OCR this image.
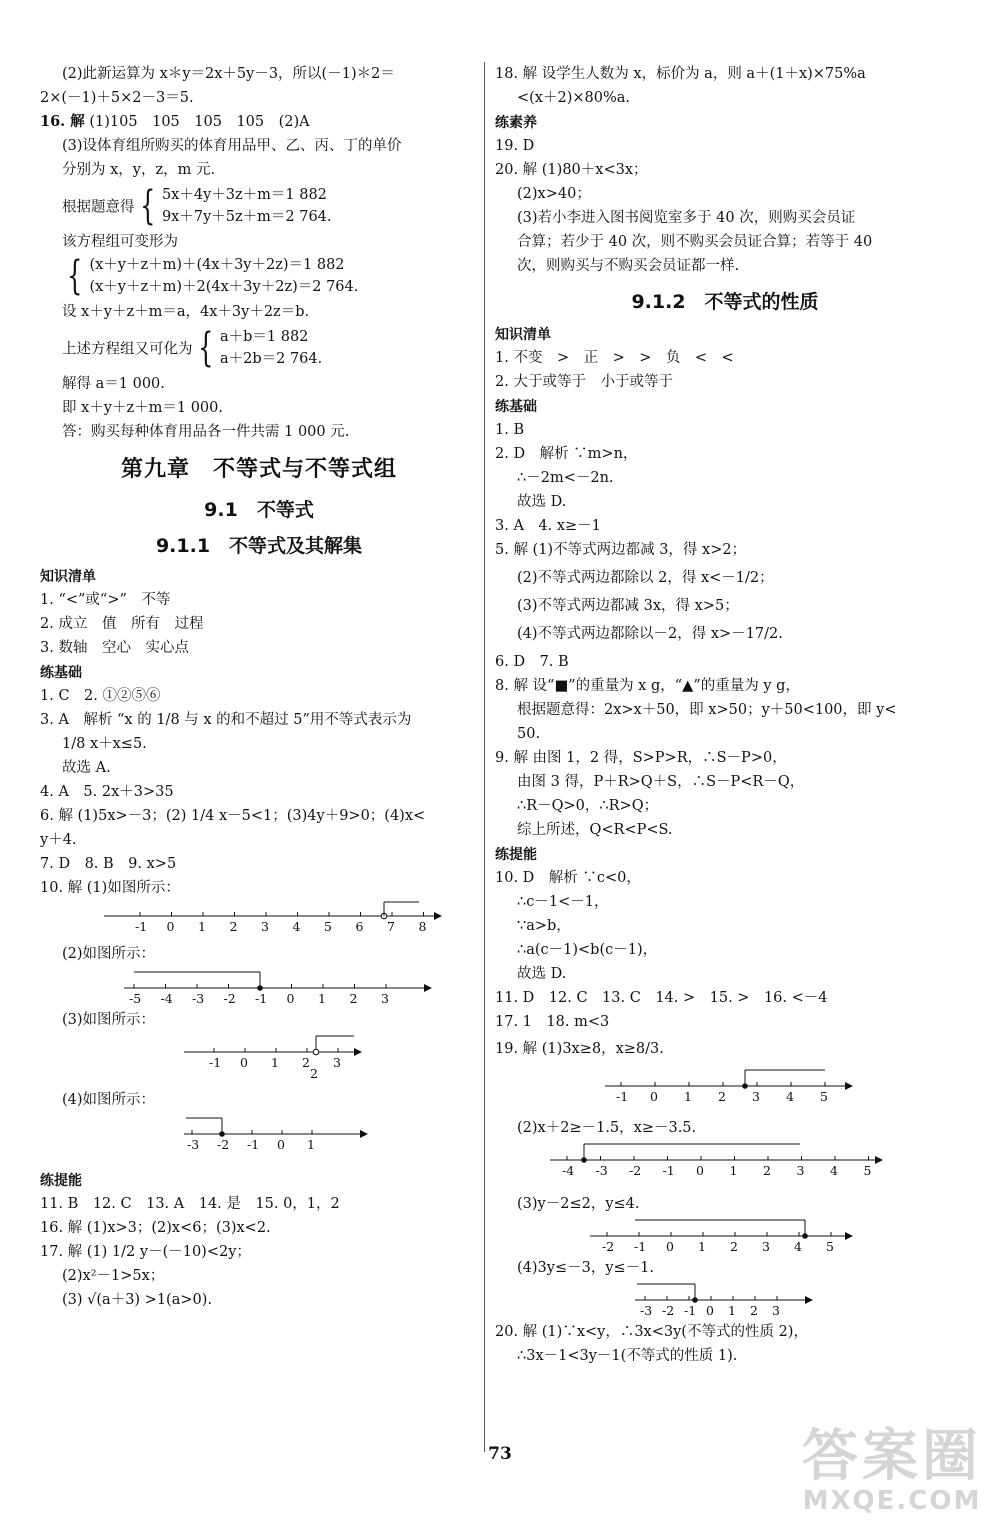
(2)此新运算为 x＊y＝2x＋5y－3，所以(－1)＊2＝
2×(－1)＋5×2－3＝5.
16. 解 (1)105　105　105　105　(2)A
(3)设体育组所购买的体育用品甲、乙、丙、丁的单价
分别为 x，y，z，m 元.
根据题意得 { 5x＋4y＋3z＋m＝1 882
9x＋7y＋5z＋m＝2 764.
该方程组可变形为
{ (x＋y＋z＋m)＋(4x＋3y＋2z)＝1 882
(x＋y＋z＋m)＋2(4x＋3y＋2z)＝2 764.
设 x＋y＋z＋m＝a，4x＋3y＋2z＝b.
上述方程组又可化为 { a＋b＝1 882
a＋2b＝2 764.
解得 a＝1 000.
即 x＋y＋z＋m＝1 000.
答：购买每种体育用品各一件共需 1 000 元.
第九章　不等式与不等式组
9.1　不等式
9.1.1　不等式及其解集
知识清单
1. “<”或“>”　不等
2. 成立　值　所有　过程
3. 数轴　空心　实心点
练基础
1. C　2. ①②⑤⑥
3. A　解析 “x 的 1/8 与 x 的和不超过 5”用不等式表示为
1/8 x＋x≤5.
故选 A.
4. A　5. 2x＋3>35
6. 解 (1)5x>－3；(2) 1/4 x－5<1；(3)4y＋9>0；(4)x<
y＋4.
7. D　8. B　9. x>5
10. 解 (1)如图所示：
-1 0 1 2 3 4 5 6 7 8
(2)如图所示：
-5 -4 -3 -2 -1 0 1 2 3
(3)如图所示：
-1 0 1 2 3
2
(4)如图所示：
-3 -2 -1 0 1
练提能
11. B　12. C　13. A　14. 是　15. 0，1，2
16. 解 (1)x>3；(2)x<6；(3)x<2.
17. 解 (1) 1/2 y－(－10)<2y；
(2)x²－1>5x；
(3) √(a＋3) >1(a>0).
18. 解 设学生人数为 x，标价为 a，则 a＋(1＋x)×75%a
<(x＋2)×80%a.
练素养
19. D
20. 解 (1)80＋x<3x；
(2)x>40；
(3)若小李进入图书阅览室多于 40 次，则购买会员证
合算；若少于 40 次，则不购买会员证合算；若等于 40
次，则购买与不购买会员证都一样.
9.1.2　不等式的性质
知识清单
1. 不变　>　正　>　>　负　<　<
2. 大于或等于　小于或等于
练基础
1. B
2. D　解析 ∵m>n，
∴－2m<－2n.
故选 D.
3. A　4. x≥－1
5. 解 (1)不等式两边都减 3，得 x>2；
(2)不等式两边都除以 2，得 x<－1/2；
(3)不等式两边都减 3x，得 x>5；
(4)不等式两边都除以－2，得 x>－17/2.
6. D　7. B
8. 解 设“■”的重量为 x g，“▲”的重量为 y g，
根据题意得：2x>x＋50，即 x>50；y＋50<100，即 y<
50.
9. 解 由图 1，2 得，S>P>R，∴S－P>0，
由图 3 得，P＋R>Q＋S，∴S－P<R－Q，
∴R－Q>0，∴R>Q；
综上所述，Q<R<P<S.
练提能
10. D　解析 ∵c<0，
∴c－1<－1，
∵a>b，
∴a(c－1)<b(c－1)，
故选 D.
11. D　12. C　13. C　14. >　15. >　16. <－4
17. 1　18. m<3
19. 解 (1)3x≥8，x≥8/3.
-1 0 1 2 3 4 5
(2)x＋2≥－1.5，x≥－3.5.
-4 -3 -2 -1 0 1 2 3 4 5
(3)y－2≤2，y≤4.
-2 -1 0 1 2 3 4 5
(4)3y≤－3，y≤－1.
-3 -2 -1 0 1 2 3
20. 解 (1)∵x<y，∴3x<3y(不等式的性质 2)，
∴3x－1<3y－1(不等式的性质 1).
73	答案圈
MXQE.COM
